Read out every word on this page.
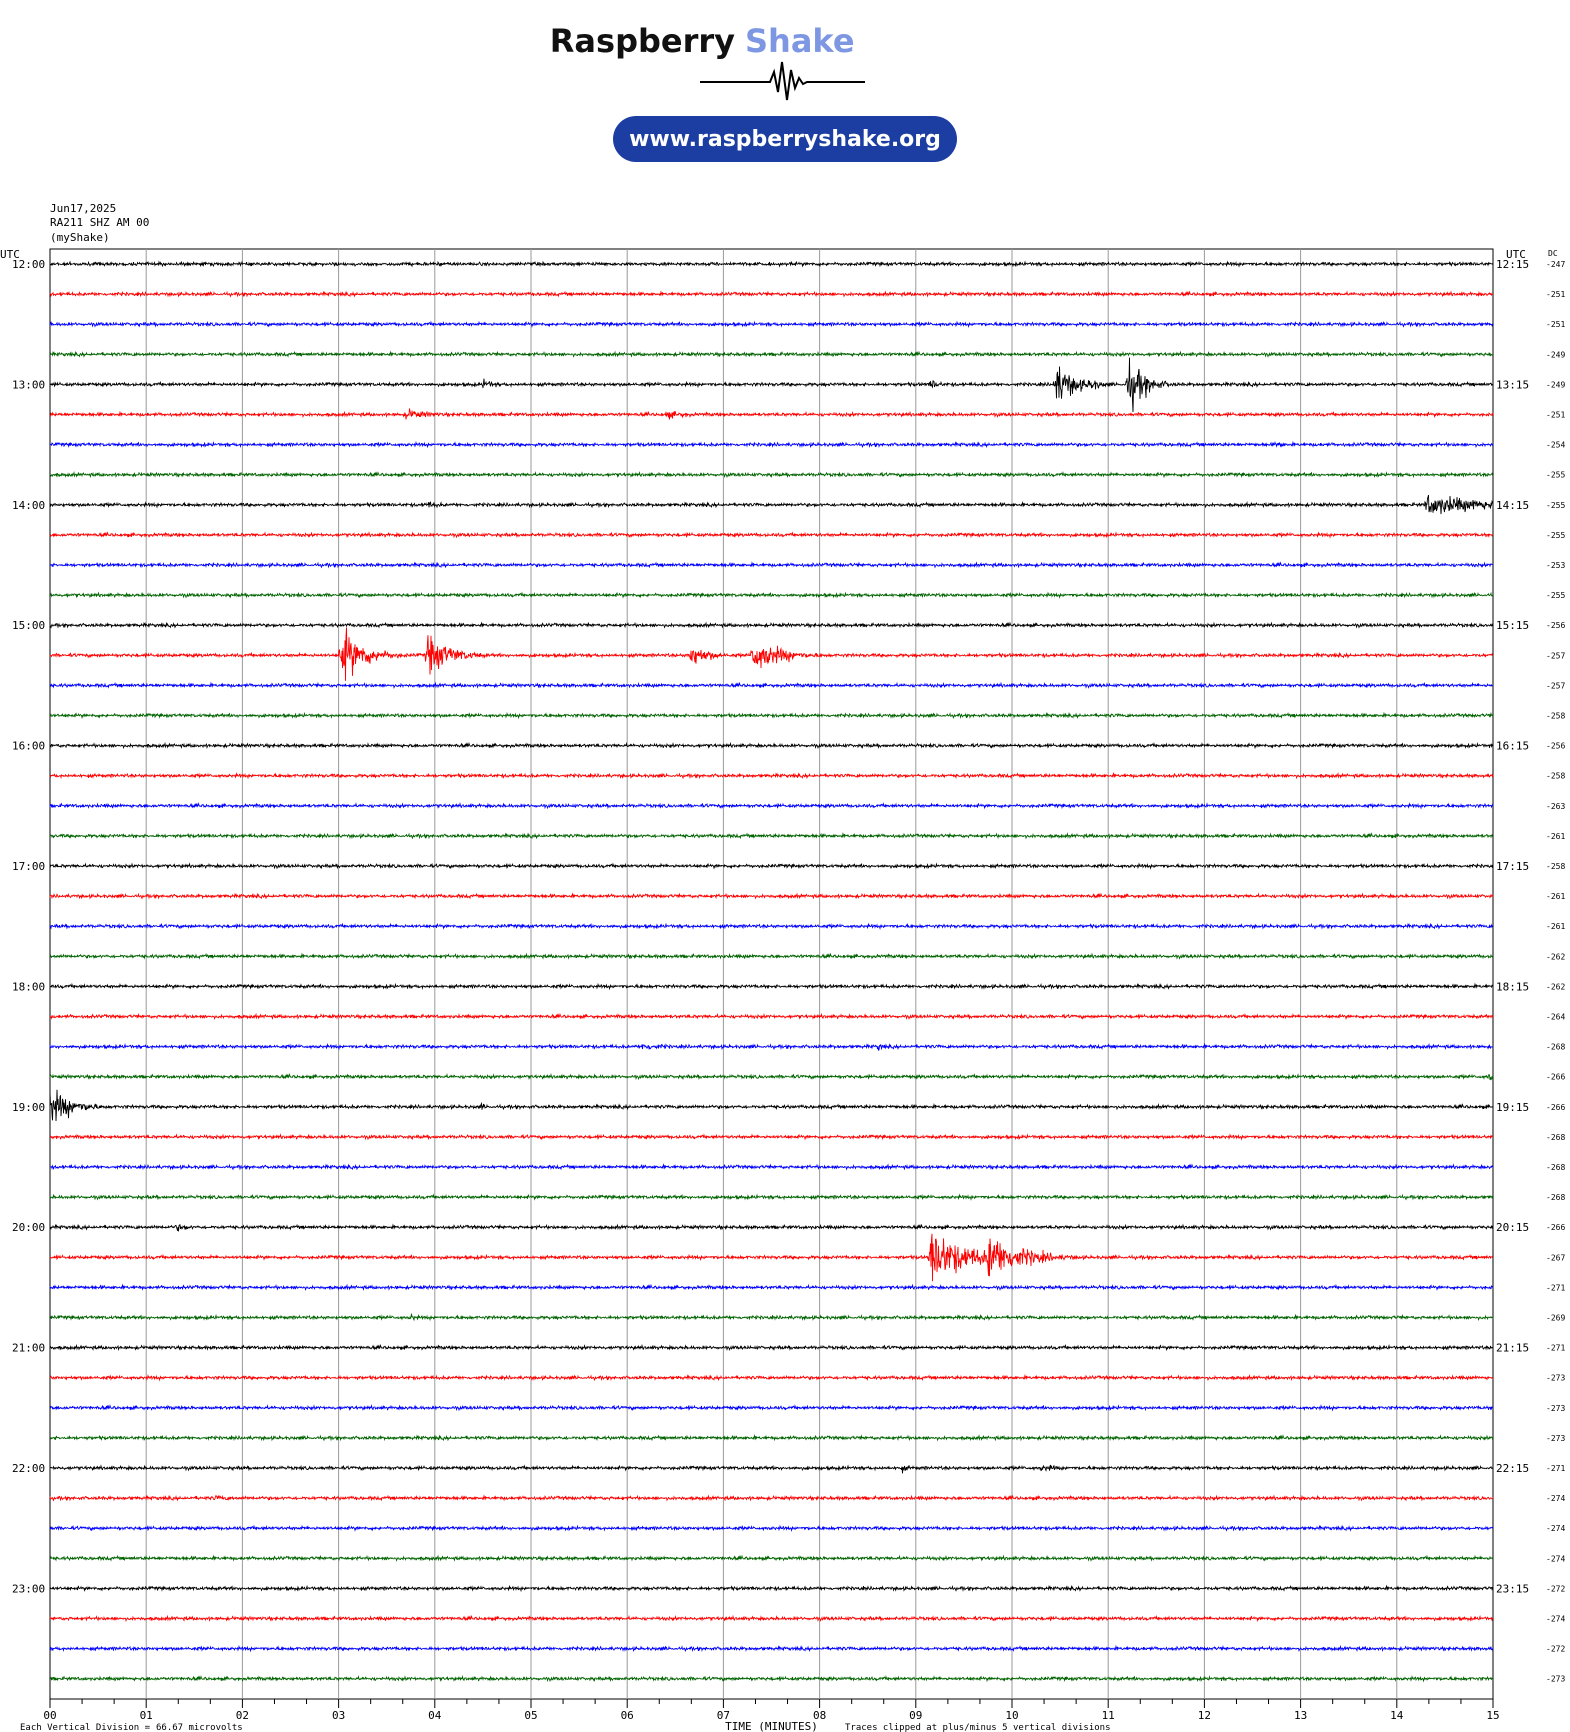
Raspberry Shake
www.raspberryshake.org
Jun17,2025
RA211 SHZ AM 00
(myShake)
00	01	02	03	04	05	06	07	08	09	10	11	12	13	14	15
TIME (MINUTES)
Each Vertical Division = 66.67 microvolts	Traces clipped at plus/minus 5 vertical divisions
UTC	UTC	DC
-247
12:00	12:15
-251
-251
-249
-249
13:00	13:15
-251
-254
-255
-255
14:00	14:15
-255
-253
-255
-256
15:00	15:15
-257
-257
-258
-256
16:00	16:15
-258
-263
-261
-258
17:00	17:15
-261
-261
-262
-262
18:00	18:15
-264
-268
-266
-266
19:00	19:15
-268
-268
-268
-266
20:00	20:15
-267
-271
-269
-271
21:00	21:15
-273
-273
-273
-271
22:00	22:15
-274
-274
-274
-272
23:00	23:15
-274
-272
-273
